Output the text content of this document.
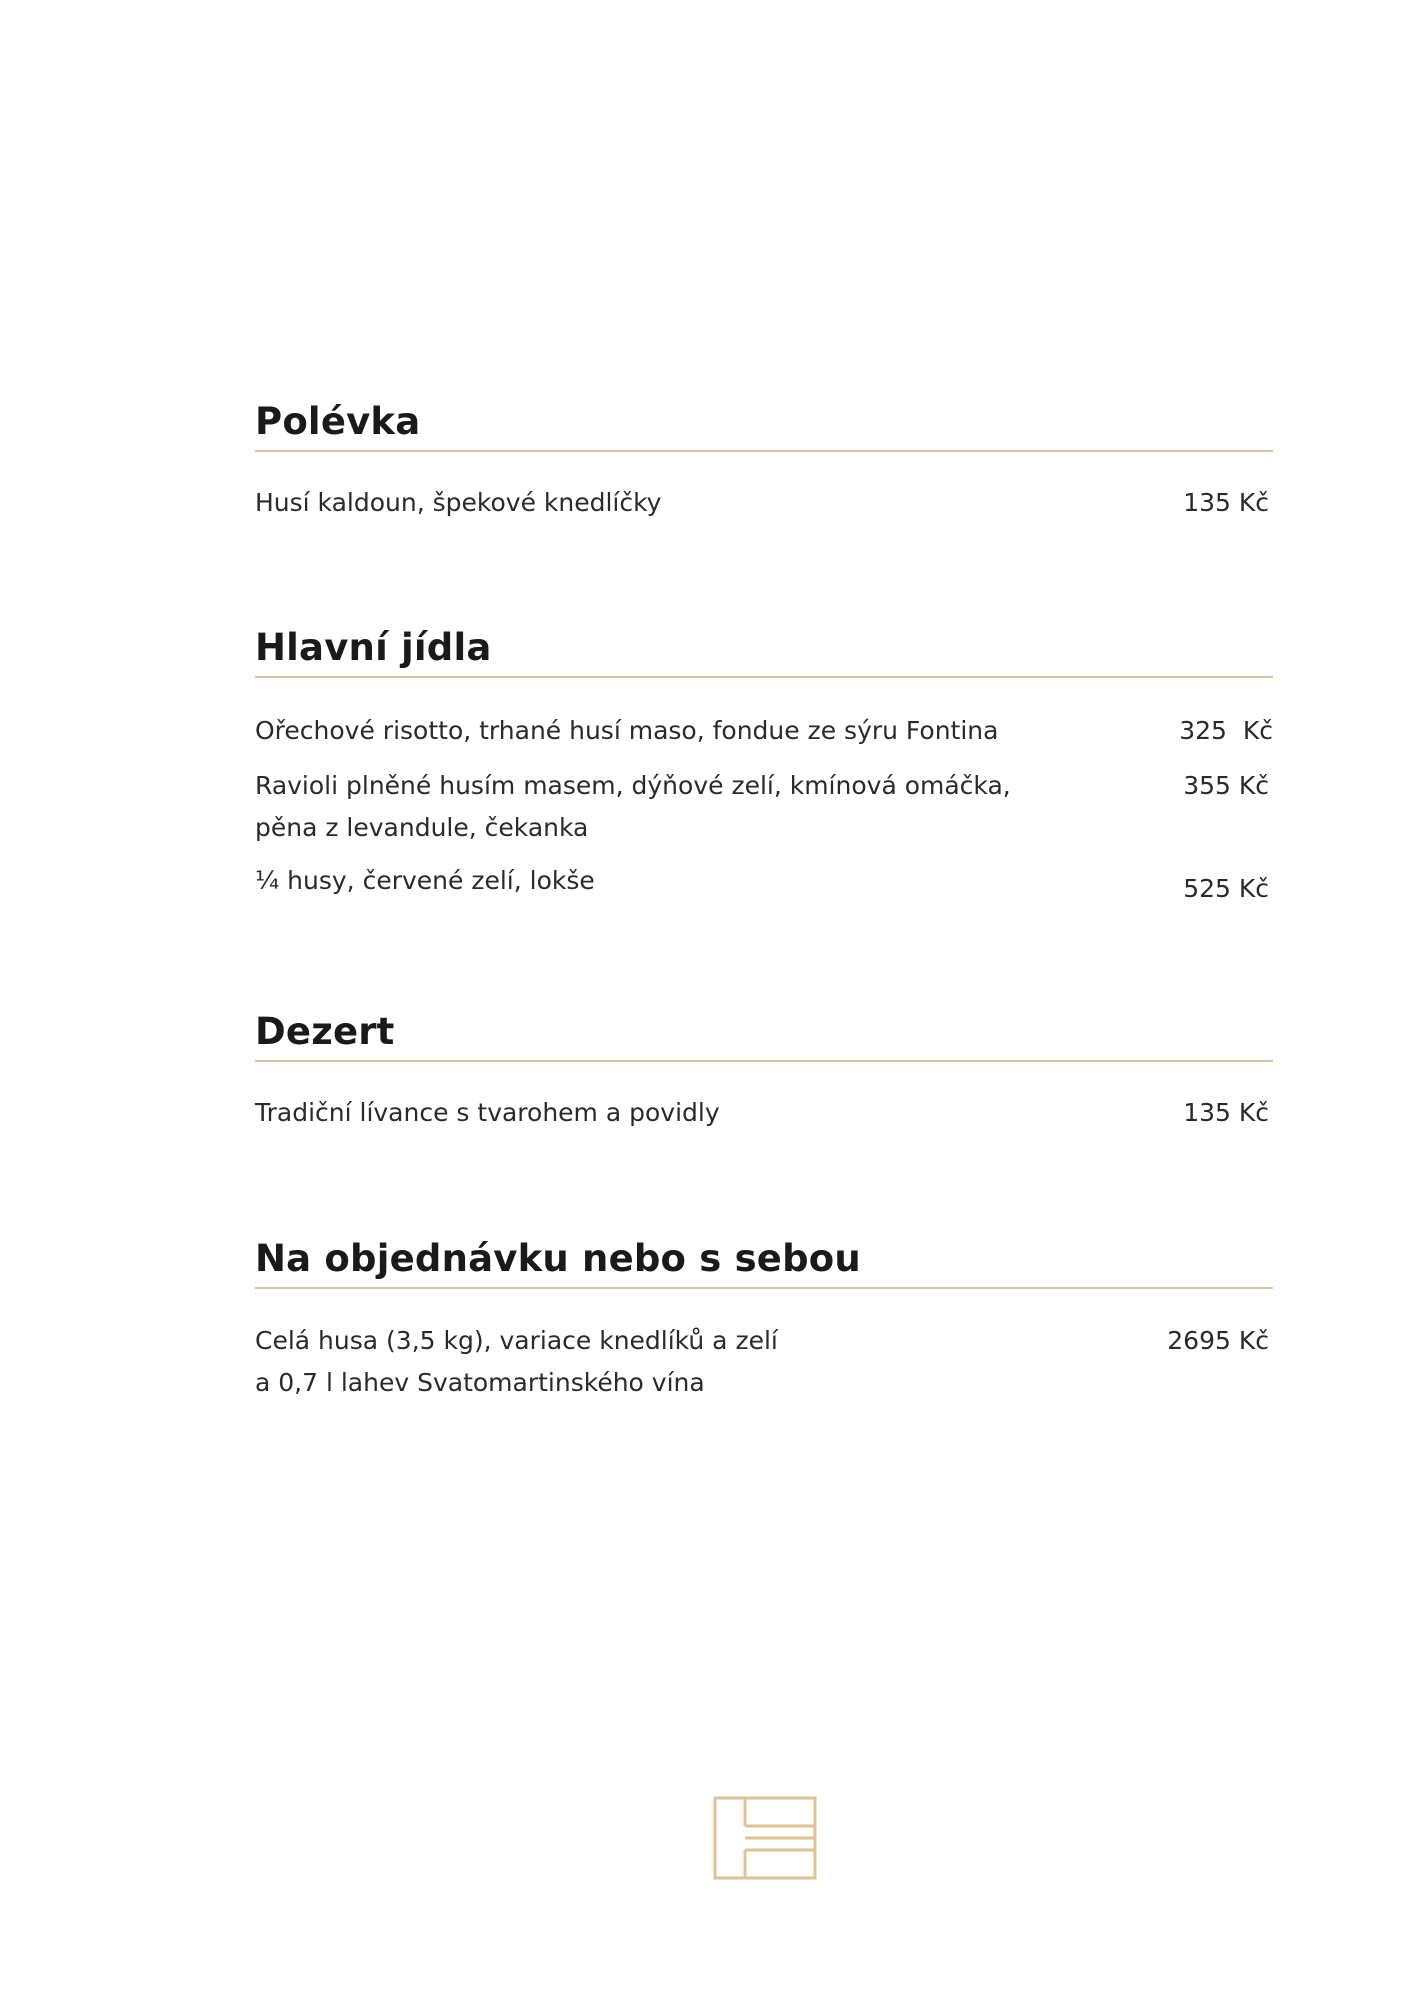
Polévka
Husí kaldoun, špekové knedlíčky	135 Kč
Hlavní jídla
Ořechové risotto, trhané husí maso, fondue ze sýru Fontina	325  Kč
Ravioli plněné husím masem, dýňové zelí, kmínová omáčka,
pěna z levandule, čekanka
355 Kč
¼ husy, červené zelí, lokše	525 Kč
Dezert
Tradiční lívance s tvarohem a povidly	135 Kč
Na objednávku nebo s sebou
Celá husa (3,5 kg), variace knedlíků a zelí
a 0,7 l lahev Svatomartinského vína
2695 Kč
